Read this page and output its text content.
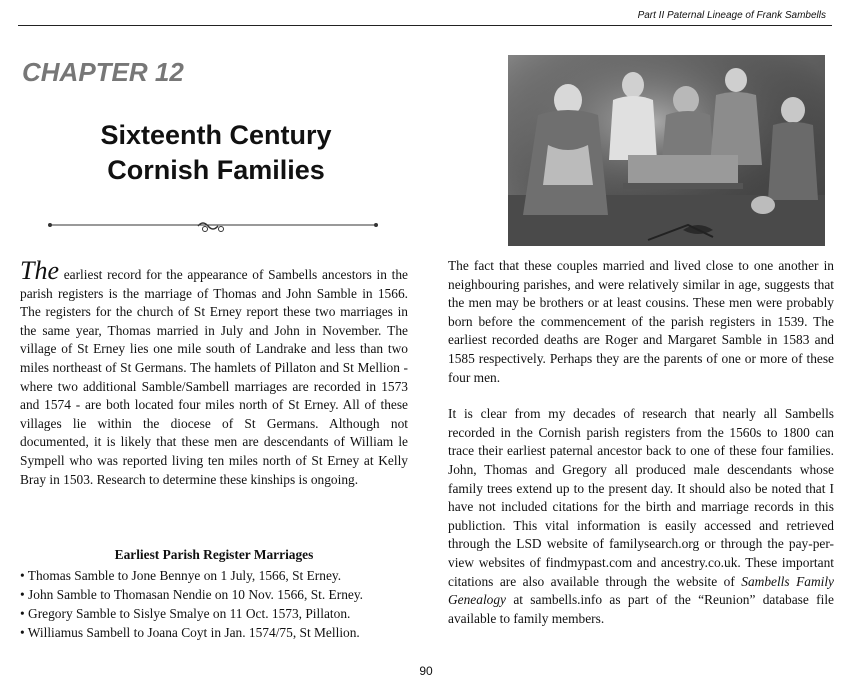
Part II Paternal Lineage of Frank Sambells
CHAPTER 12
Sixteenth Century
Cornish Families
The earliest record for the appearance of Sambells ancestors in the parish registers is the marriage of Thomas and John Samble in 1566. The registers for the church of St Erney report these two marriages in the same year, Thomas married in July and John in November. The village of St Erney lies one mile south of Landrake and less than two miles northeast of St Germans. The hamlets of Pillaton and St Mellion - where two additional Samble/Sambell marriages are recorded in 1573 and 1574 - are both located four miles north of St Erney. All of these villages lie within the diocese of St Germans. Although not documented, it is likely that these men are descendants of William le Sympell who was reported living ten miles north of St Erney at Kelly Bray in 1503. Research to determine these kinships is ongoing.
Earliest Parish Register Marriages
• Thomas Samble to Jone Bennye on 1 July, 1566, St Erney.
• John Samble to Thomasan Nendie on 10 Nov. 1566, St. Erney.
• Gregory Samble to Sislye Smalye on 11 Oct. 1573, Pillaton.
• Williamus Sambell to Joana Coyt in Jan. 1574/75, St Mellion.

The fact that these couples married and lived close to one another in neighbouring parishes, and were relatively similar in age, suggests that the men may be brothers or at least cousins. These men were probably born before the commencement of the parish registers in 1539. The earliest recorded deaths are Roger and Margaret Samble in 1583 and 1585 respectively. Perhaps they are the parents of one or more of these four men.

It is clear from my decades of research that nearly all Sambells recorded in the Cornish parish registers from the 1560s to 1800 can trace their earliest paternal ancestor back to one of these four families. John, Thomas and Gregory all produced male descendants whose family trees extend up to the present day. It should also be noted that I have not included citations for the birth and marriage records in this publiction. This vital information is easily accessed and retrieved through the LSD website of familysearch.org or through the pay-per-view websites of findmypast.com and ancestry.co.uk. These important citations are also available through the website of Sambells Family Genealogy at sambells.info as part of the “Reunion” database file available to family members.

90
